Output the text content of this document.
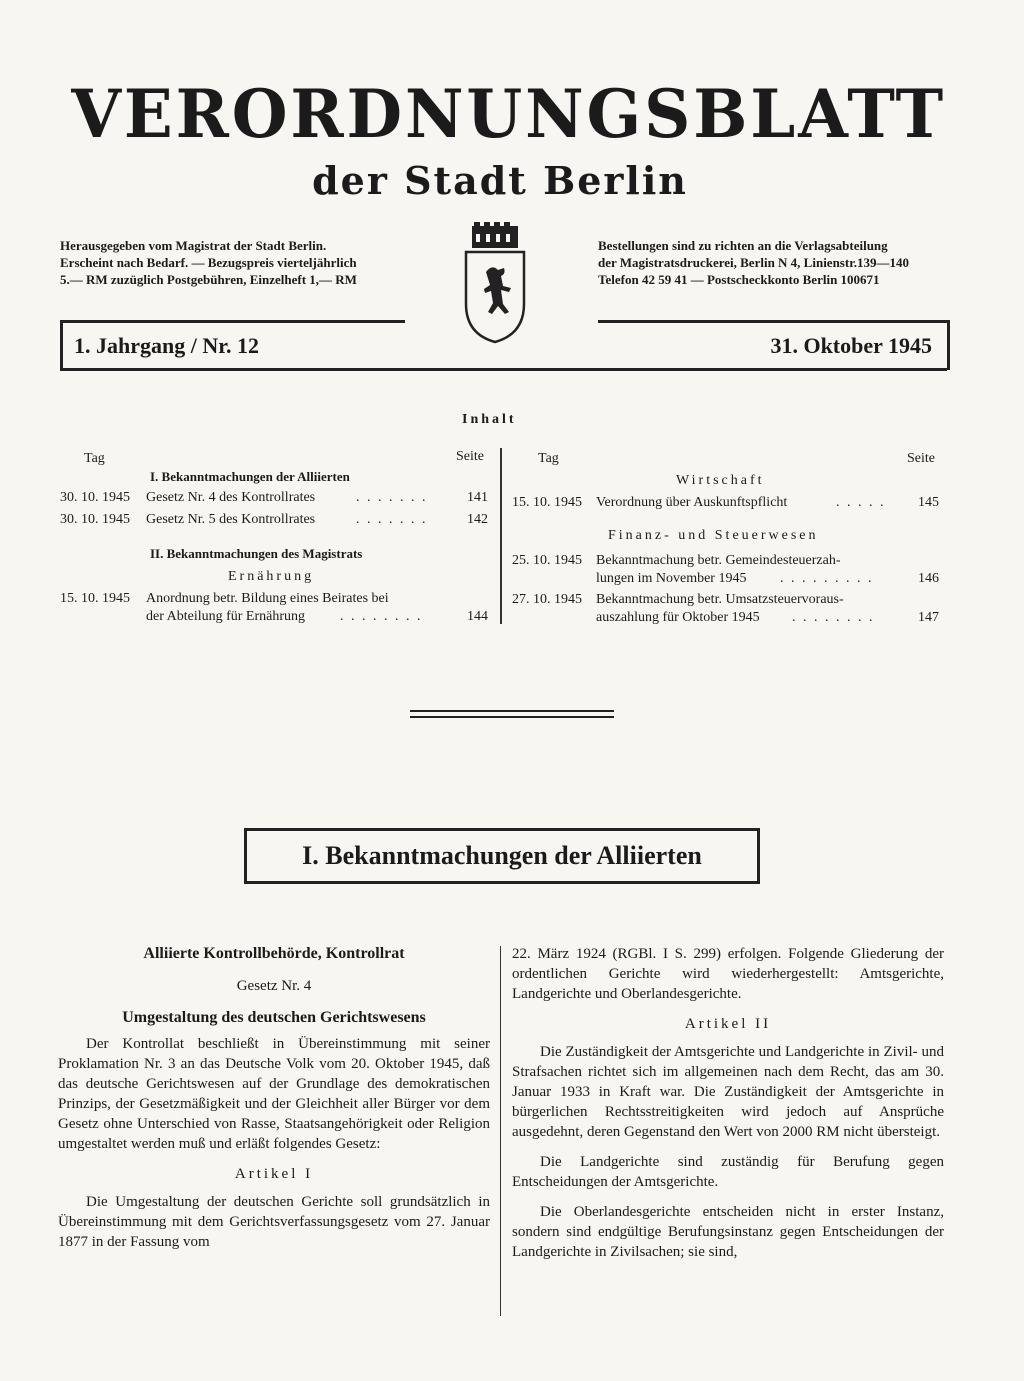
VERORDNUNGSBLATT
der Stadt Berlin
Herausgegeben vom Magistrat der Stadt Berlin.
Erscheint nach Bedarf. — Bezugspreis vierteljährlich
5.— RM zuzüglich Postgebühren, Einzelheft 1,— RM
Bestellungen sind zu richten an die Verlagsabteilung
der Magistratsdruckerei, Berlin N 4, Linienstr.139—140
Telefon 42 59 41 — Postscheckkonto Berlin 100671
1. Jahrgang / Nr. 12	31. Oktober 1945
Inhalt
Tag	Seite
I. Bekanntmachungen der Alliierten
30. 10. 1945 Gesetz Nr. 4 des Kontrollrates	. . . . . . .	141
30. 10. 1945 Gesetz Nr. 5 des Kontrollrates	. . . . . . .	142
II. Bekanntmachungen des Magistrats
Ernährung
15. 10. 1945 Anordnung betr. Bildung eines Beirates bei
der Abteilung für Ernährung . . . . . . . .	144
Tag	Seite
Wirtschaft
15. 10. 1945 Verordnung über Auskunftspflicht	. . . . . 145
Finanz- und Steuerwesen
25. 10. 1945 Bekanntmachung betr. Gemeindesteuerzah-
lungen im November 1945 . . . . . . . . .	146
27. 10. 1945 Bekanntmachung betr. Umsatzsteuervoraus-
auszahlung für Oktober 1945 . . . . . . . .	147
I. Bekanntmachungen der Alliierten
Alliierte Kontrollbehörde, Kontrollrat
Gesetz Nr. 4
Umgestaltung des deutschen Gerichtswesens

Der Kontrollat beschließt in Übereinstimmung mit seiner Proklamation Nr. 3 an das Deutsche Volk vom 20. Oktober 1945, daß das deutsche Gerichtswesen auf der Grundlage des demokratischen Prinzips, der Gesetzmäßigkeit und der Gleichheit aller Bürger vor dem Gesetz ohne Unterschied von Rasse, Staatsangehörigkeit oder Religion umgestaltet werden muß und erläßt folgendes Gesetz:

Artikel I

Die Umgestaltung der deutschen Gerichte soll grundsätzlich in Übereinstimmung mit dem Gerichtsverfassungsgesetz vom 27. Januar 1877 in der Fassung vom

22. März 1924 (RGBl. I S. 299) erfolgen. Folgende Gliederung der ordentlichen Gerichte wird wiederhergestellt: Amtsgerichte, Landgerichte und Oberlandesgerichte.

Artikel II

Die Zuständigkeit der Amtsgerichte und Landgerichte in Zivil- und Strafsachen richtet sich im allgemeinen nach dem Recht, das am 30. Januar 1933 in Kraft war. Die Zuständigkeit der Amtsgerichte in bürgerlichen Rechtsstreitigkeiten wird jedoch auf Ansprüche ausgedehnt, deren Gegenstand den Wert von 2000 RM nicht übersteigt.

Die Landgerichte sind zuständig für Berufung gegen Entscheidungen der Amtsgerichte.

Die Oberlandesgerichte entscheiden nicht in erster Instanz, sondern sind endgültige Berufungsinstanz gegen Entscheidungen der Landgerichte in Zivilsachen; sie sind,
